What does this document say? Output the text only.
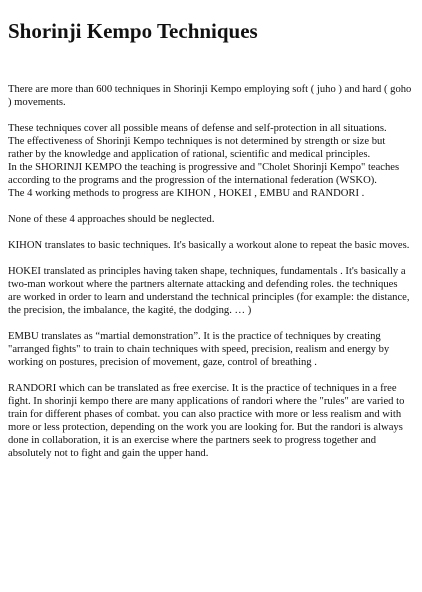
Shorinji Kempo Techniques

There are more than 600 techniques in Shorinji Kempo employing soft ( juho ) and hard ( goho ) movements.

These techniques cover all possible means of defense and self-protection in all situations.

The effectiveness of Shorinji Kempo techniques is not determined by strength or size but rather by the knowledge and application of rational, scientific and medical principles.

In the SHORINJI KEMPO the teaching is progressive and "Cholet Shorinji Kempo" teaches according to the programs and the progression of the international federation (WSKO).

The 4 working methods to progress are KIHON , HOKEI , EMBU and RANDORI .

None of these 4 approaches should be neglected.

KIHON translates to basic techniques. It's basically a workout alone to repeat the basic moves.

HOKEI translated as principles having taken shape, techniques, fundamentals . It's basically a two-man workout where the partners alternate attacking and defending roles. the techniques are worked in order to learn and understand the technical principles (for example: the distance, the precision, the imbalance, the kagité, the dodging. … )

EMBU translates as “martial demonstration”. It is the practice of techniques by creating "arranged fights" to train to chain techniques with speed, precision, realism and energy by working on postures, precision of movement, gaze, control of breathing .

RANDORI which can be translated as free exercise. It is the practice of techniques in a free fight. In shorinji kempo there are many applications of randori where the "rules" are varied to train for different phases of combat. you can also practice with more or less realism and with more or less protection, depending on the work you are looking for. But the randori is always done in collaboration, it is an exercise where the partners seek to progress together and absolutely not to fight and gain the upper hand.
